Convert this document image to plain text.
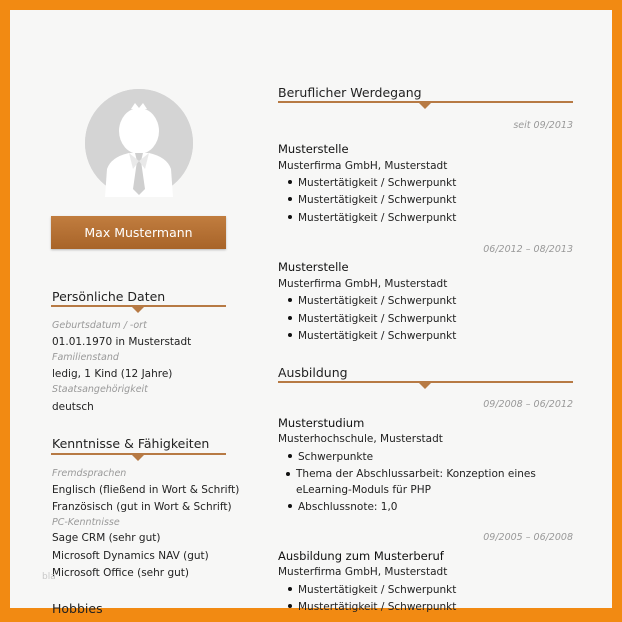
Max Mustermann
Persönliche Daten
Geburtsdatum / -ort
01.01.1970 in Musterstadt
Familienstand
ledig, 1 Kind (12 Jahre)
Staatsangehörigkeit
deutsch
Kenntnisse & Fähigkeiten
Fremdsprachen
Englisch (fließend in Wort & Schrift)
Französisch (gut in Wort & Schrift)
PC-Kenntnisse
Sage CRM (sehr gut)
Microsoft Dynamics NAV (gut)
Microsoft Office (sehr gut)
bla
Hobbies
Beruflicher Werdegang
seit 09/2013
Musterstelle
Musterfirma GmbH, Musterstadt
Mustertätigkeit / Schwerpunkt
Mustertätigkeit / Schwerpunkt
Mustertätigkeit / Schwerpunkt
06/2012 – 08/2013
Musterstelle
Musterfirma GmbH, Musterstadt
Mustertätigkeit / Schwerpunkt
Mustertätigkeit / Schwerpunkt
Mustertätigkeit / Schwerpunkt
Ausbildung
09/2008 – 06/2012
Musterstudium
Musterhochschule, Musterstadt
Schwerpunkte
Thema der Abschlussarbeit: Konzeption eines eLearning-Moduls für PHP
Abschlussnote: 1,0
09/2005 – 06/2008
Ausbildung zum Musterberuf
Musterfirma GmbH, Musterstadt
Mustertätigkeit / Schwerpunkt
Mustertätigkeit / Schwerpunkt
